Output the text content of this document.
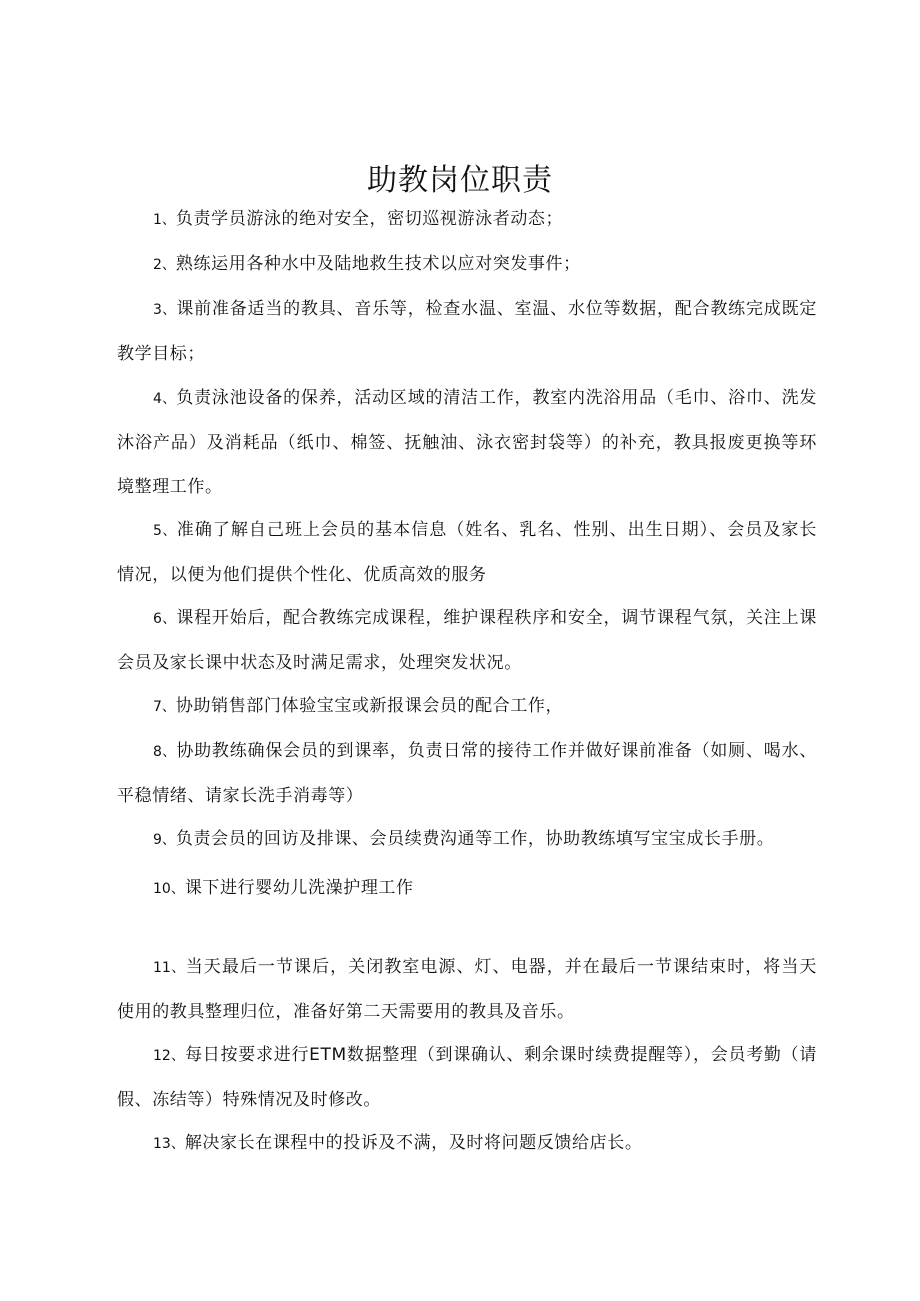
助教岗位职责

1、负责学员游泳的绝对安全，密切巡视游泳者动态；

2、熟练运用各种水中及陆地救生技术以应对突发事件；

3、课前准备适当的教具、音乐等，检查水温、室温、水位等数据，配合教练完成既定教学目标；

4、负责泳池设备的保养，活动区域的清洁工作，教室内洗浴用品（毛巾、浴巾、洗发沐浴产品）及消耗品（纸巾、棉签、抚触油、泳衣密封袋等）的补充，教具报废更换等环境整理工作。

5、准确了解自己班上会员的基本信息（姓名、乳名、性别、出生日期）、会员及家长情况，以便为他们提供个性化、优质高效的服务

6、课程开始后，配合教练完成课程，维护课程秩序和安全，调节课程气氛，关注上课会员及家长课中状态及时满足需求，处理突发状况。

7、协助销售部门体验宝宝或新报课会员的配合工作，

8、协助教练确保会员的到课率，负责日常的接待工作并做好课前准备（如厕、喝水、平稳情绪、请家长洗手消毒等）

9、负责会员的回访及排课、会员续费沟通等工作，协助教练填写宝宝成长手册。

10、课下进行婴幼儿洗澡护理工作

11、当天最后一节课后，关闭教室电源、灯、电器，并在最后一节课结束时，将当天使用的教具整理归位，准备好第二天需要用的教具及音乐。

12、每日按要求进行ETM数据整理（到课确认、剩余课时续费提醒等），会员考勤（请假、冻结等）特殊情况及时修改。

13、解决家长在课程中的投诉及不满，及时将问题反馈给店长。
